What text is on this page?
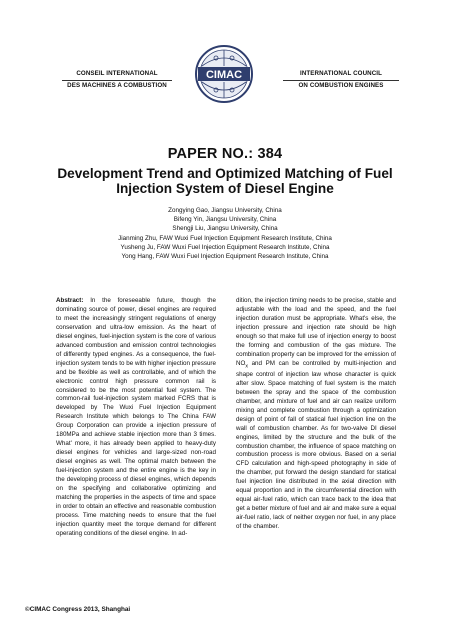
CONSEIL INTERNATIONAL
DES MACHINES A COMBUSTION
CIMAC	INTERNATIONAL COUNCIL
ON COMBUSTION ENGINES
PAPER NO.: 384
Development Trend and Optimized Matching of Fuel Injection System of Diesel Engine
Zongying Gao, Jiangsu University, China
Bifeng Yin, Jiangsu University, China
Shengji Liu, Jiangsu University, China
Jianming Zhu, FAW Wuxi Fuel Injection Equipment Research Institute, China
Yusheng Ju, FAW Wuxi Fuel Injection Equipment Research Institute, China
Yong Hang, FAW Wuxi Fuel Injection Equipment Research Institute, China

Abstract: In the foreseeable future, though the dominating source of power, diesel engines are required to meet the increasingly stringent regulations of energy conservation and ultra-low emission. As the heart of diesel engines, fuel-injection system is the core of various advanced combustion and emission control technologies of differently typed engines. As a consequence, the fuel-injection system tends to be with higher injection pressure and be flexible as well as controllable, and of which the electronic control high pressure common rail is considered to be the most potential fuel system. The common-rail fuel-injection system marked FCRS that is developed by The Wuxi Fuel Injection Equipment Research Institute which belongs to The China FAW Group Corporation can provide a injection pressure of 180MPa and achieve stable injection more than 3 times. What' more, it has already been applied to heavy-duty diesel engines for vehicles and large-sized non-road diesel engines as well. The optimal match between the fuel-injection system and the entire engine is the key in the developing process of diesel engines, which depends on the specifying and collaborative optimizing and matching the properties in the aspects of time and space in order to obtain an effective and reasonable combustion process. Time matching needs to ensure that the fuel injection quantity meet the torque demand for different operating conditions of the diesel engine. In ad-

dition, the injection timing needs to be precise, stable and adjustable with the load and the speed, and the fuel injection duration must be appropriate. What's else, the injection pressure and injection rate should be high enough so that make full use of injection energy to boost the forming and combustion of the gas mixture. The combination property can be improved for the emission of $NO_x$ and PM can be controlled by multi-injection and shape control of injection law whose character is quick after slow. Space matching of fuel system is the match between the spray and the space of the combustion chamber, and mixture of fuel and air can realize uniform mixing and complete combustion through a optimization design of point of fall of statical fuel injection line on the wall of combustion chamber. As for two-valve DI diesel engines, limited by the structure and the bulk of the combustion chamber, the influence of space matching on combustion process is more obvious. Based on a serial CFD calculation and high-speed photography in side of the chamber, put forward the design standard for statical fuel injection line distributed in the axial direction with equal proportion and in the circumferential direction with equal air-fuel ratio, which can trace back to the idea that get a better mixture of fuel and air and make sure a equal air-fuel ratio, lack of neither oxygen nor fuel, in any place of the chamber.

©CIMAC Congress 2013, Shanghai
